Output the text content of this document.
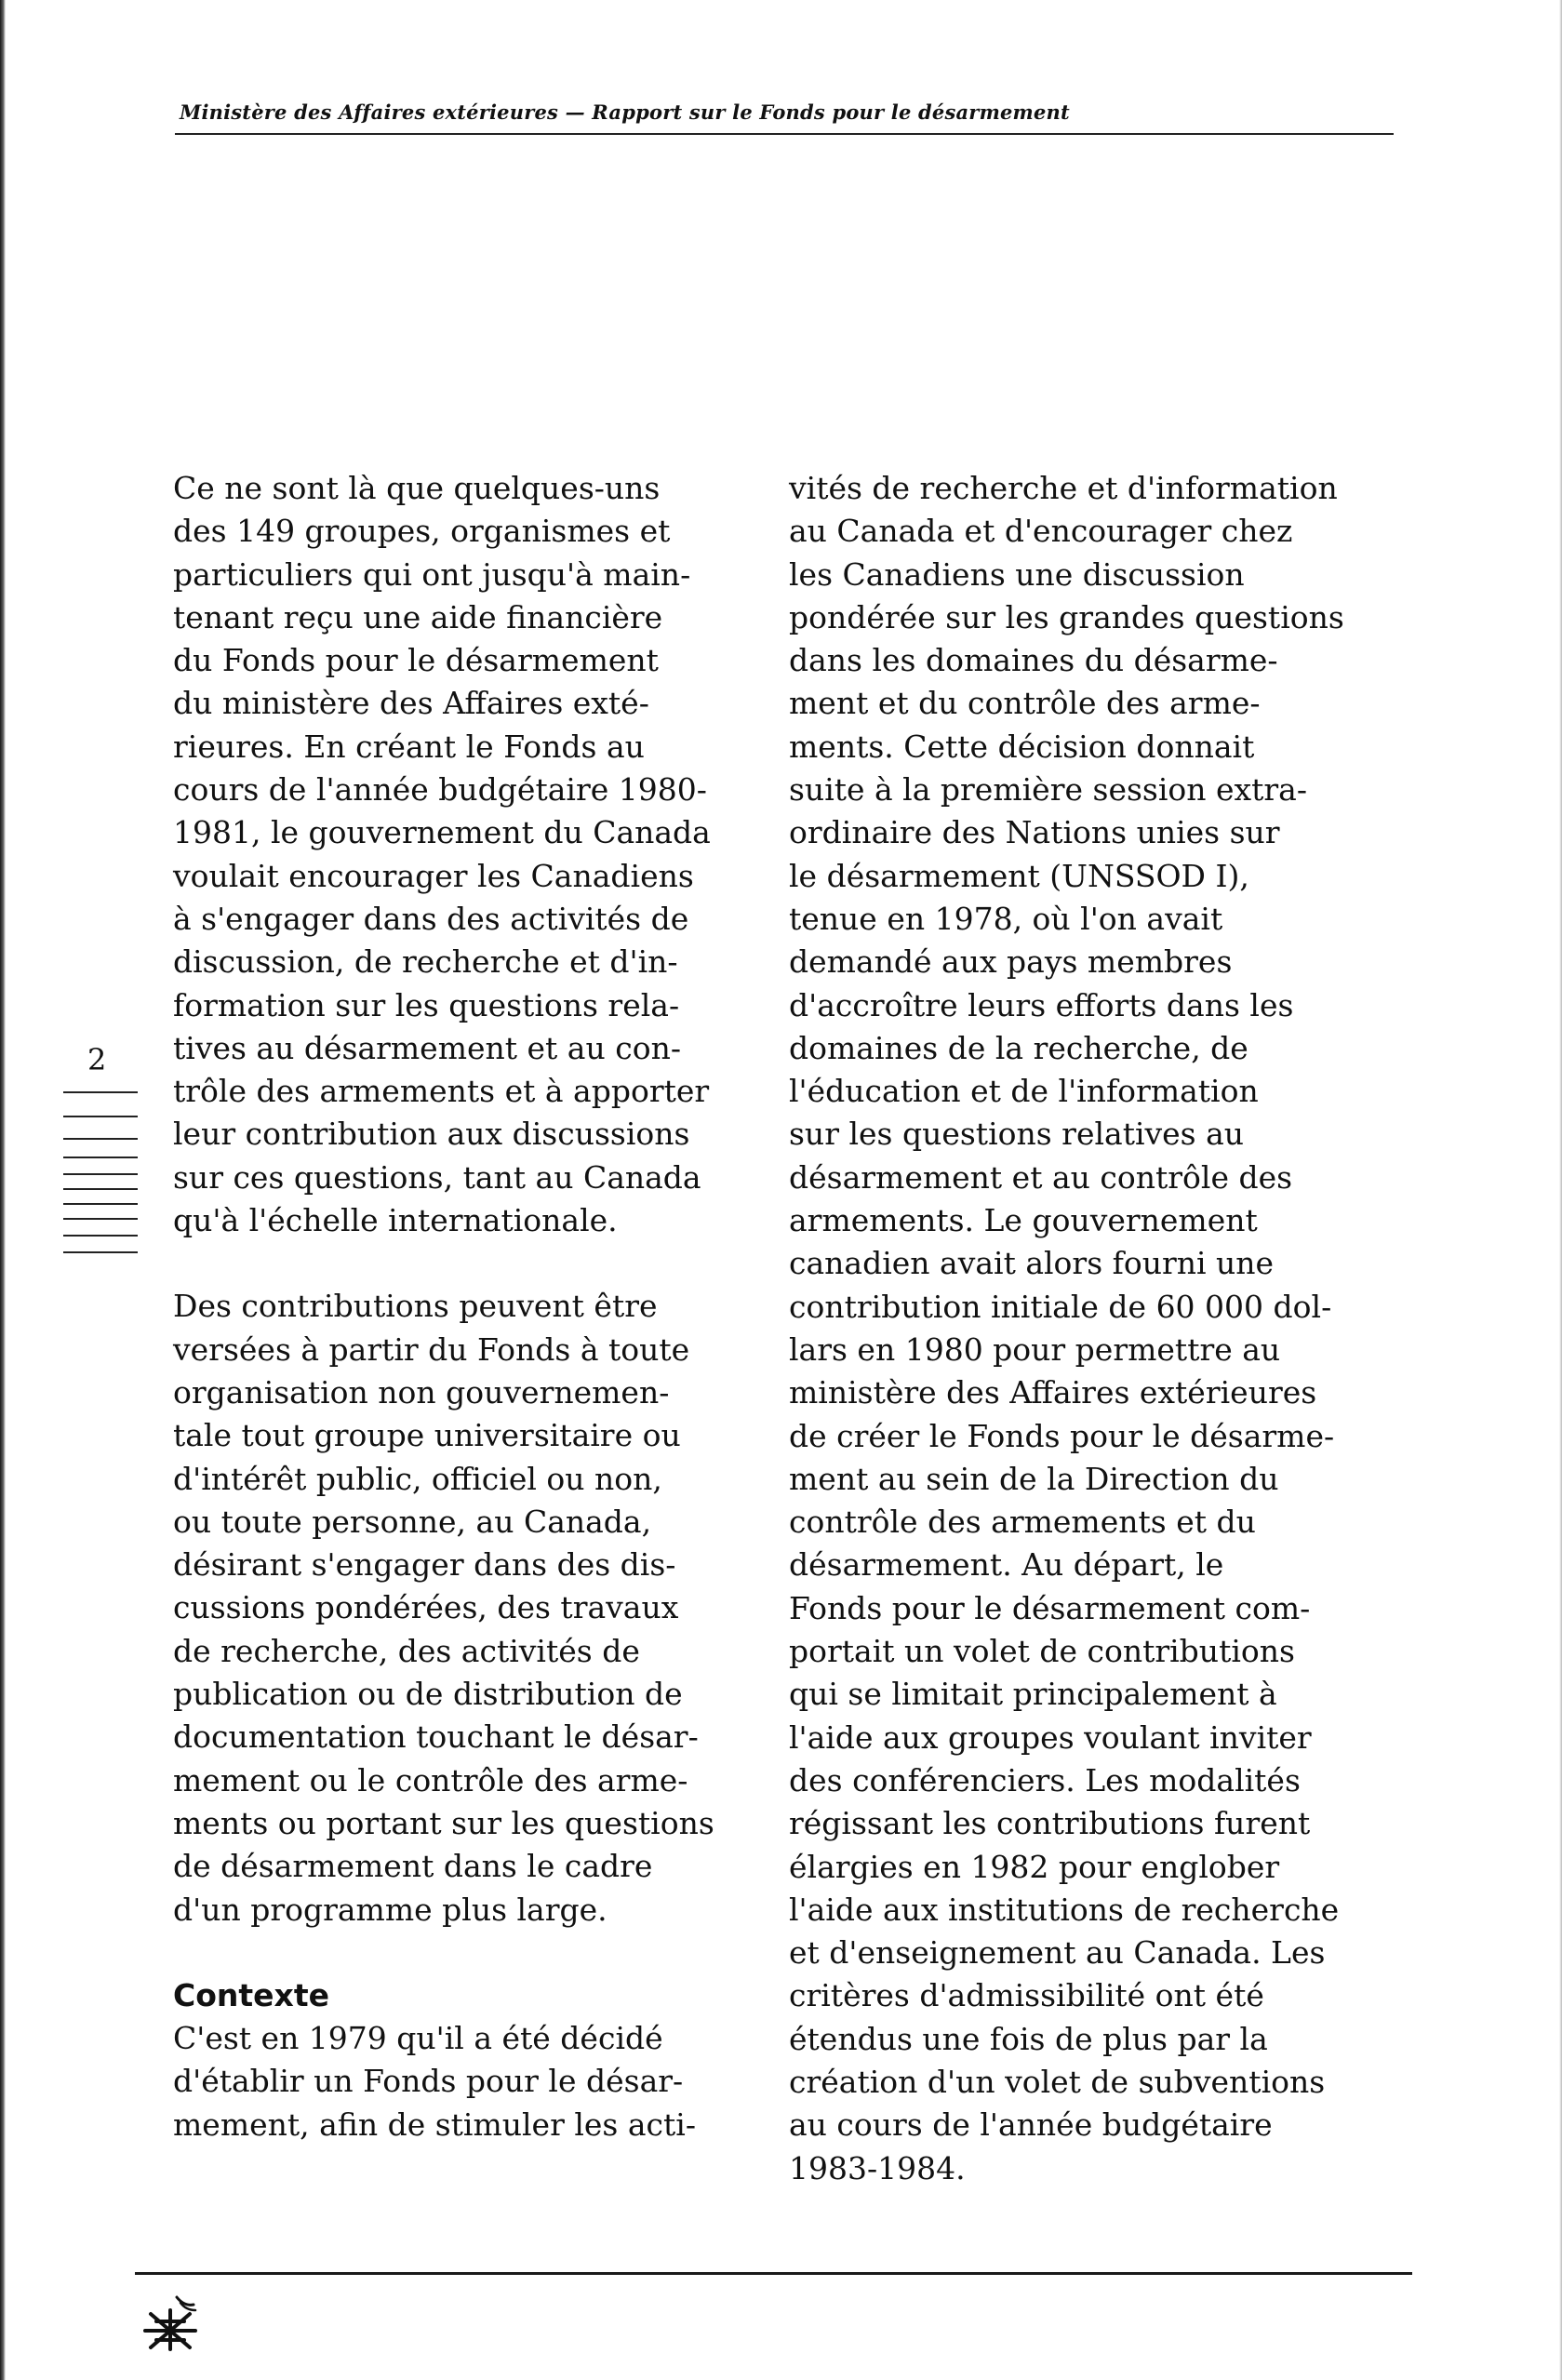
Ministère des Affaires extérieures — Rapport sur le Fonds pour le désarmement
2
Ce ne sont là que quelques-uns
des 149 groupes, organismes et
particuliers qui ont jusqu'à main-
tenant reçu une aide financière
du Fonds pour le désarmement
du ministère des Affaires exté-
rieures. En créant le Fonds au
cours de l'année budgétaire 1980-
1981, le gouvernement du Canada
voulait encourager les Canadiens
à s'engager dans des activités de
discussion, de recherche et d'in-
formation sur les questions rela-
tives au désarmement et au con-
trôle des armements et à apporter
leur contribution aux discussions
sur ces questions, tant au Canada
qu'à l'échelle internationale.
Des contributions peuvent être
versées à partir du Fonds à toute
organisation non gouvernemen-
tale tout groupe universitaire ou
d'intérêt public, officiel ou non,
ou toute personne, au Canada,
désirant s'engager dans des dis-
cussions pondérées, des travaux
de recherche, des activités de
publication ou de distribution de
documentation touchant le désar-
mement ou le contrôle des arme-
ments ou portant sur les questions
de désarmement dans le cadre
d'un programme plus large.
Contexte
C'est en 1979 qu'il a été décidé
d'établir un Fonds pour le désar-
mement, afin de stimuler les acti-
vités de recherche et d'information
au Canada et d'encourager chez
les Canadiens une discussion
pondérée sur les grandes questions
dans les domaines du désarme-
ment et du contrôle des arme-
ments. Cette décision donnait
suite à la première session extra-
ordinaire des Nations unies sur
le désarmement (UNSSOD I),
tenue en 1978, où l'on avait
demandé aux pays membres
d'accroître leurs efforts dans les
domaines de la recherche, de
l'éducation et de l'information
sur les questions relatives au
désarmement et au contrôle des
armements. Le gouvernement
canadien avait alors fourni une
contribution initiale de 60 000 dol-
lars en 1980 pour permettre au
ministère des Affaires extérieures
de créer le Fonds pour le désarme-
ment au sein de la Direction du
contrôle des armements et du
désarmement. Au départ, le
Fonds pour le désarmement com-
portait un volet de contributions
qui se limitait principalement à
l'aide aux groupes voulant inviter
des conférenciers. Les modalités
régissant les contributions furent
élargies en 1982 pour englober
l'aide aux institutions de recherche
et d'enseignement au Canada. Les
critères d'admissibilité ont été
étendus une fois de plus par la
création d'un volet de subventions
au cours de l'année budgétaire
1983-1984.
